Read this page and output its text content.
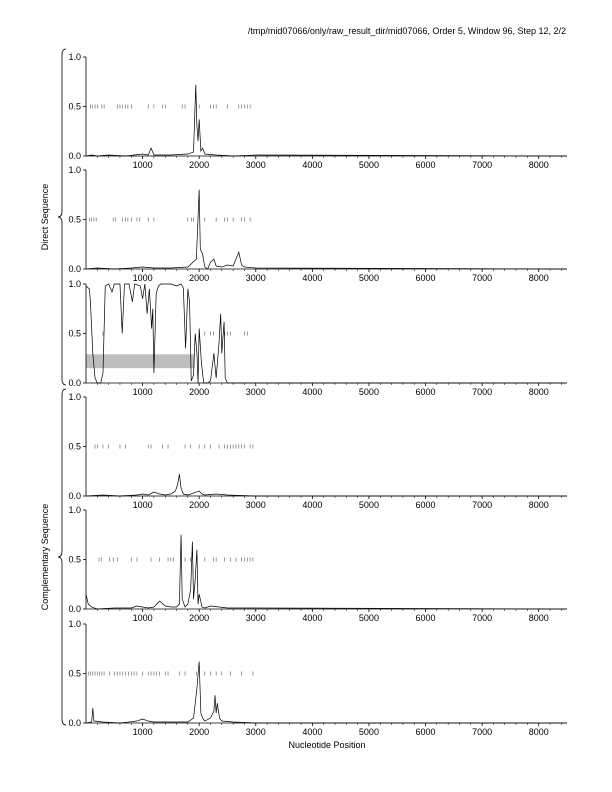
/tmp/mid07066/only/raw_result_dir/mid07066, Order 5, Window 96, Step 12, 2/2
0.0
0.5
1.0
1000	2000	3000	4000	5000	6000	7000	8000
0.0
0.5
1.0
1000	2000	3000	4000	5000	6000	7000	8000
0.0
0.5
1.0
1000	2000	3000	4000	5000	6000	7000	8000
0.0
0.5
1.0
1000	2000	3000	4000	5000	6000	7000	8000
0.0
0.5
1.0
1000	2000	3000	4000	5000	6000	7000	8000
0.0
0.5
1.0
1000	2000	3000	4000	5000	6000	7000	8000
Direct Sequence
Complementary Sequence
Nucleotide Position
